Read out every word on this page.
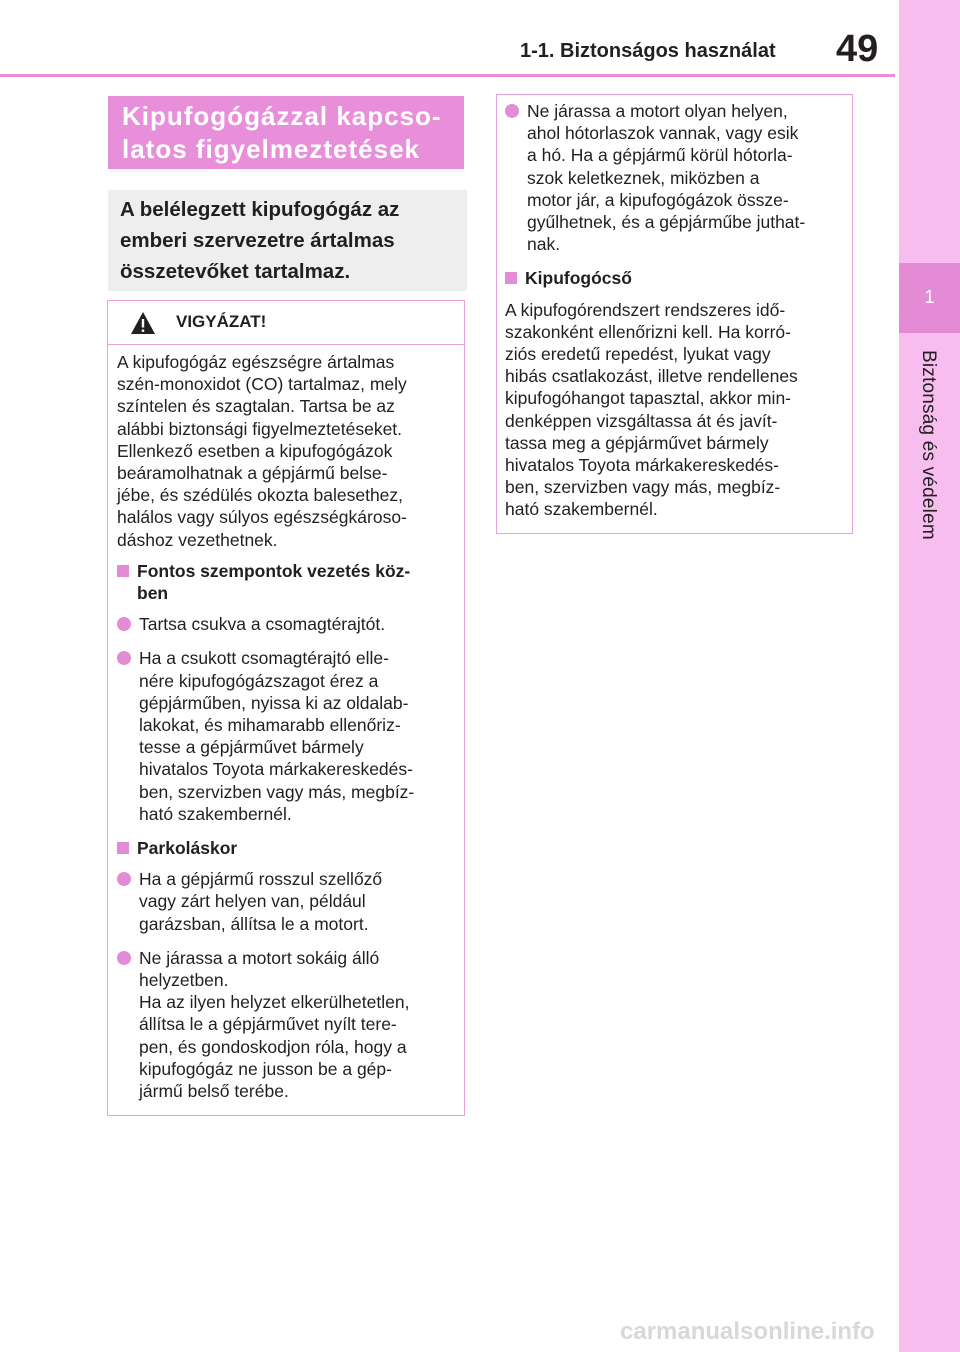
1-1. Biztonságos használat 49
1
Biztonság és védelem
Kipufogógázzal kapcso-
latos figyelmeztetések
A belélegzett kipufogógáz az
emberi szervezetre ártalmas
összetevőket tartalmaz.
VIGYÁZAT!
A kipufogógáz egészségre ártalmas
szén-monoxidot (CO) tartalmaz, mely
színtelen és szagtalan. Tartsa be az
alábbi biztonsági figyelmeztetéseket.
Ellenkező esetben a kipufogógázok
beáramolhatnak a gépjármű belse-
jébe, és szédülés okozta balesethez,
halálos vagy súlyos egészségkároso-
dáshoz vezethetnek.
Fontos szempontok vezetés köz-
ben
Tartsa csukva a csomagtérajtót.
Ha a csukott csomagtérajtó elle-
nére kipufogógázszagot érez a
gépjárműben, nyissa ki az oldalab-
lakokat, és mihamarabb ellenőriz-
tesse a gépjárművet bármely
hivatalos Toyota márkakereskedés-
ben, szervizben vagy más, megbíz-
ható szakembernél.
Parkoláskor
Ha a gépjármű rosszul szellőző
vagy zárt helyen van, például
garázsban, állítsa le a motort.
Ne járassa a motort sokáig álló
helyzetben.
Ha az ilyen helyzet elkerülhetetlen,
állítsa le a gépjárművet nyílt tere-
pen, és gondoskodjon róla, hogy a
kipufogógáz ne jusson be a gép-
jármű belső terébe.
Ne járassa a motort olyan helyen,
ahol hótorlaszok vannak, vagy esik
a hó. Ha a gépjármű körül hótorla-
szok keletkeznek, miközben a
motor jár, a kipufogógázok össze-
gyűlhetnek, és a gépjárműbe juthat-
nak.
Kipufogócső
A kipufogórendszert rendszeres idő-
szakonként ellenőrizni kell. Ha korró-
ziós eredetű repedést, lyukat vagy
hibás csatlakozást, illetve rendellenes
kipufogóhangot tapasztal, akkor min-
denképpen vizsgáltassa át és javít-
tassa meg a gépjárművet bármely
hivatalos Toyota márkakereskedés-
ben, szervizben vagy más, megbíz-
ható szakembernél.
carmanualsonline.info
